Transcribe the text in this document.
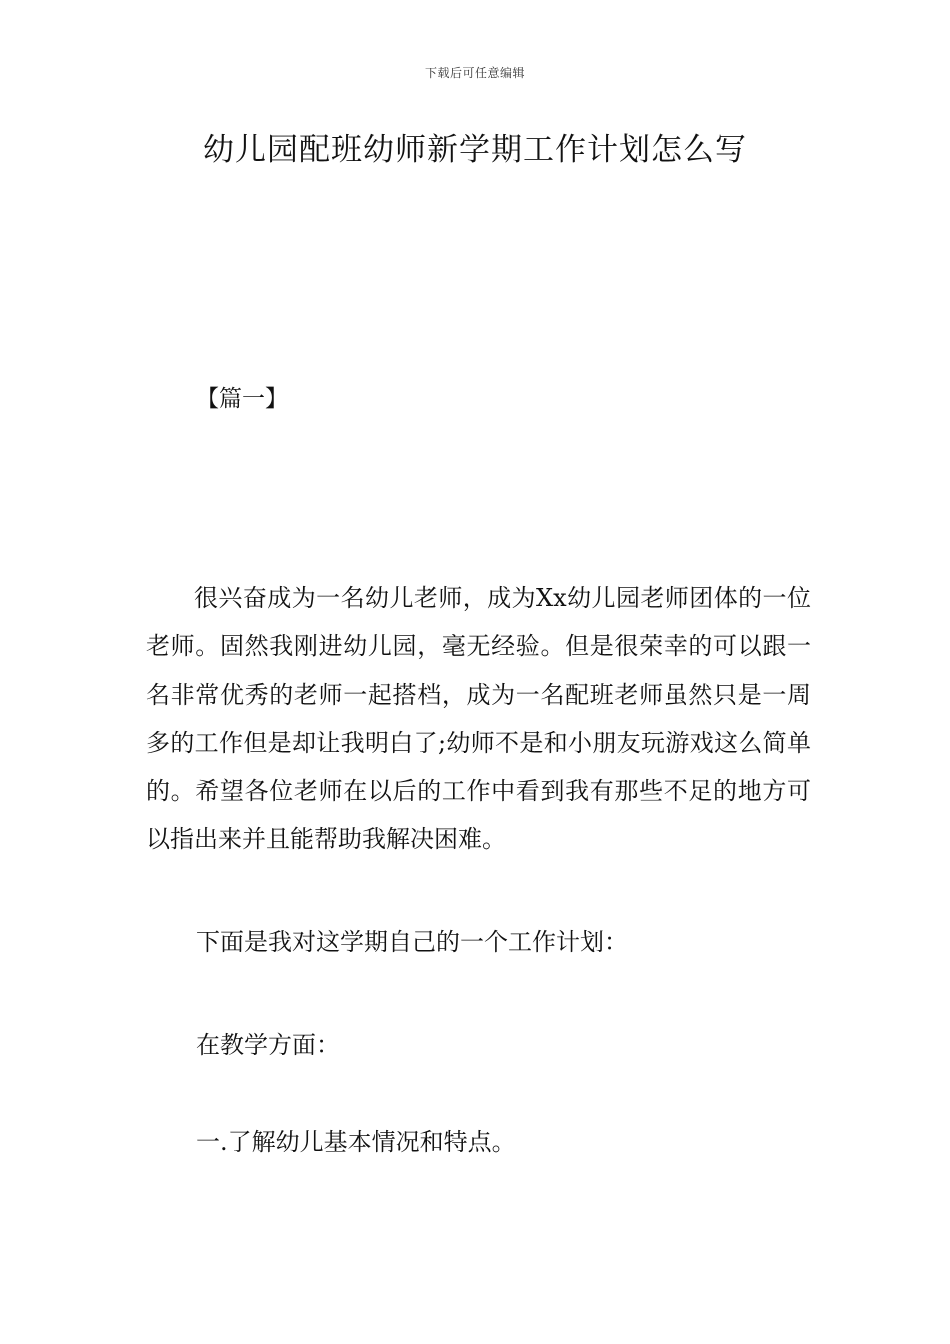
下载后可任意编辑
幼儿园配班幼师新学期工作计划怎么写
【篇一】

很兴奋成为一名幼儿老师，成为Xx幼儿园老师团体的一位老师。固然我刚进幼儿园，毫无经验。但是很荣幸的可以跟一名非常优秀的老师一起搭档，成为一名配班老师虽然只是一周多的工作但是却让我明白了;幼师不是和小朋友玩游戏这么简单的。希望各位老师在以后的工作中看到我有那些不足的地方可以指出来并且能帮助我解决困难。

下面是我对这学期自己的一个工作计划：
在教学方面：
一.了解幼儿基本情况和特点。
